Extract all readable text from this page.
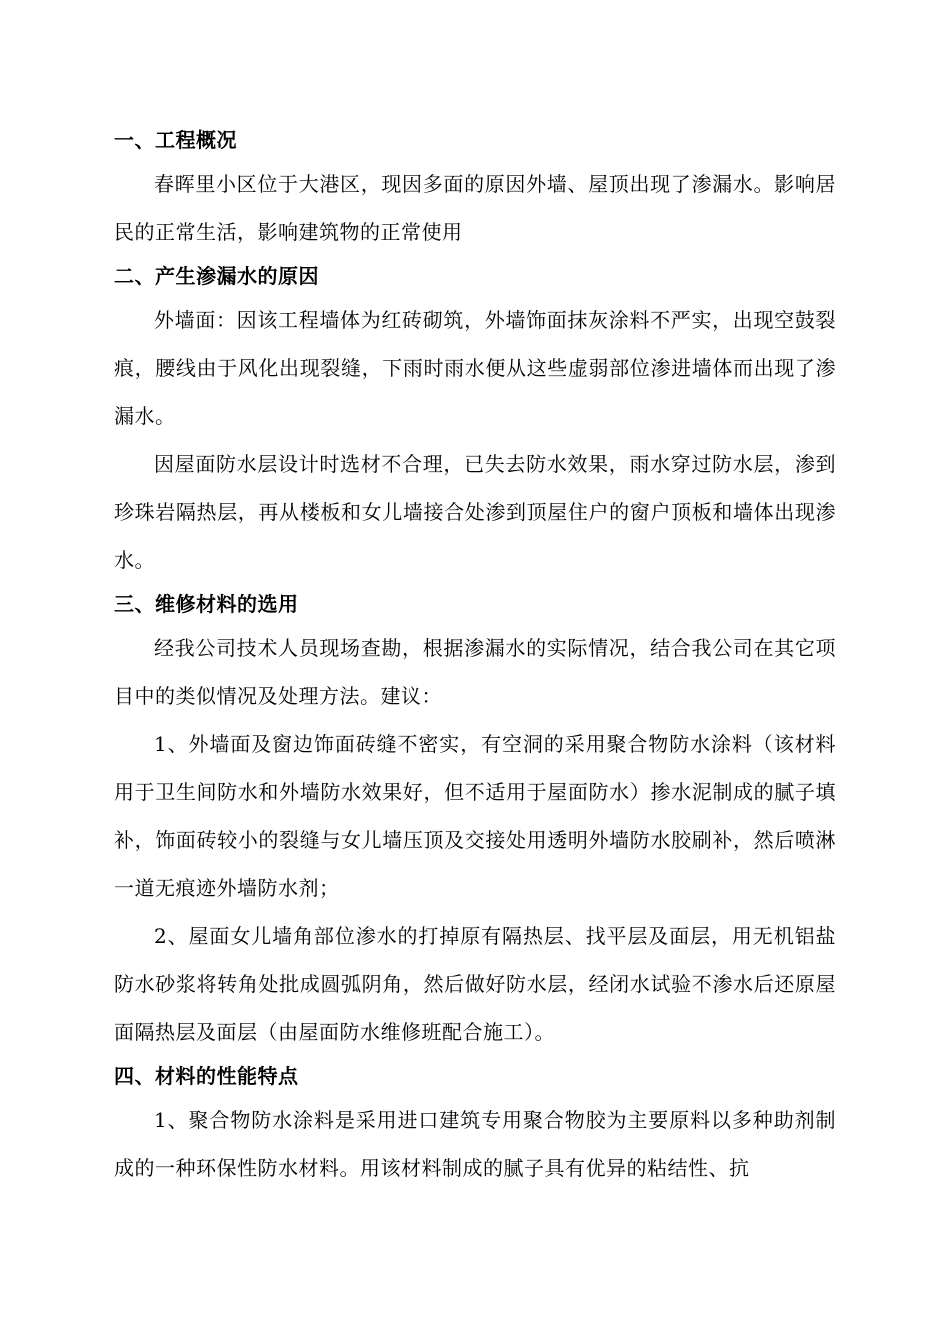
一、工程概况

春晖里小区位于大港区，现因多面的原因外墙、屋顶出现了渗漏水。影响居民的正常生活，影响建筑物的正常使用

二、产生渗漏水的原因

外墙面：因该工程墙体为红砖砌筑，外墙饰面抹灰涂料不严实，出现空鼓裂痕，腰线由于风化出现裂缝，下雨时雨水便从这些虚弱部位渗进墙体而出现了渗漏水。

因屋面防水层设计时选材不合理，已失去防水效果，雨水穿过防水层，渗到珍珠岩隔热层，再从楼板和女儿墙接合处渗到顶屋住户的窗户顶板和墙体出现渗水。

三、维修材料的选用

经我公司技术人员现场查勘，根据渗漏水的实际情况，结合我公司在其它项目中的类似情况及处理方法。建议：

1、外墙面及窗边饰面砖缝不密实，有空洞的采用聚合物防水涂料（该材料用于卫生间防水和外墙防水效果好，但不适用于屋面防水）掺水泥制成的腻子填补，饰面砖较小的裂缝与女儿墙压顶及交接处用透明外墙防水胶刷补，然后喷淋一道无痕迹外墙防水剂；

2、屋面女儿墙角部位渗水的打掉原有隔热层、找平层及面层，用无机铝盐防水砂浆将转角处批成圆弧阴角，然后做好防水层，经闭水试验不渗水后还原屋面隔热层及面层（由屋面防水维修班配合施工）。

四、材料的性能特点

1、聚合物防水涂料是采用进口建筑专用聚合物胶为主要原料以多种助剂制成的一种环保性防水材料。用该材料制成的腻子具有优异的粘结性、抗
